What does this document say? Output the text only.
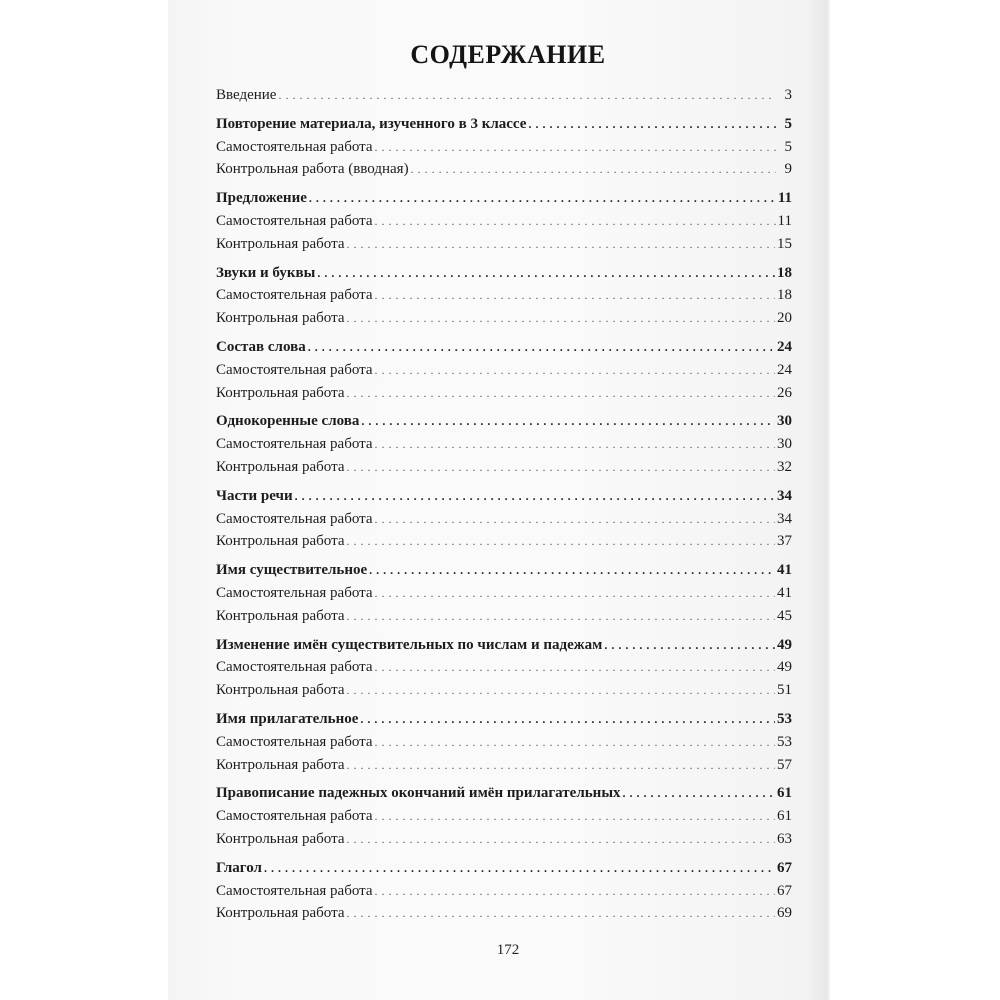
СОДЕРЖАНИЕ
Введение . . .	3
Повторение материала, изученного в 3 классе . . .	5
Самостоятельная работа . . .	5
Контрольная работа (вводная) . . .	9
Предложение . . .	11
Самостоятельная работа . . .	11
Контрольная работа . . .	15
Звуки и буквы . . .	18
Самостоятельная работа . . .	18
Контрольная работа . . .	20
Состав слова . . .	24
Самостоятельная работа . . .	24
Контрольная работа . . .	26
Однокоренные слова . . .	30
Самостоятельная работа . . .	30
Контрольная работа . . .	32
Части речи . . .	34
Самостоятельная работа . . .	34
Контрольная работа . . .	37
Имя существительное . . .	41
Самостоятельная работа . . .	41
Контрольная работа . . .	45
Изменение имён существительных по числам и падежам . . .	49
Самостоятельная работа . . .	49
Контрольная работа . . .	51
Имя прилагательное . . .	53
Самостоятельная работа . . .	53
Контрольная работа . . .	57
Правописание падежных окончаний имён прилагательных . . .	61
Самостоятельная работа . . .	61
Контрольная работа . . .	63
Глагол . . .	67
Самостоятельная работа . . .	67
Контрольная работа . . .	69
172
